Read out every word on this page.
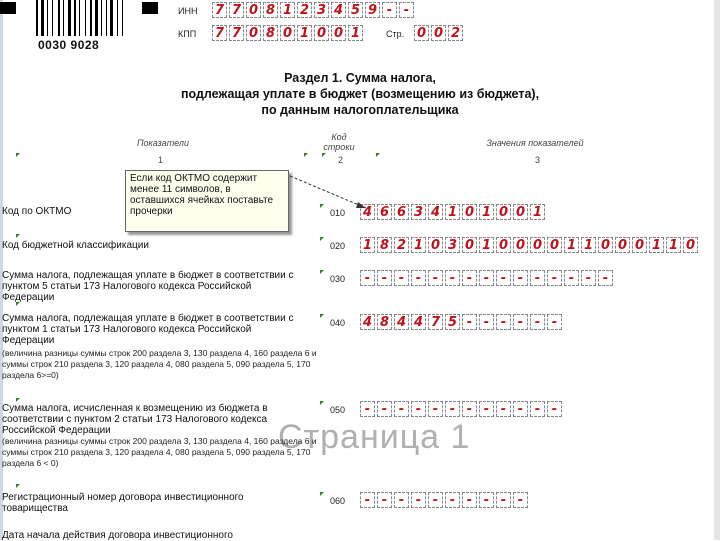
0030 9028
ИНН 7 7 0 8 1 2 3 4 5 9 - -
КПП 7 7 0 8 0 1 0 0 1	Стр. 0 0 2
Раздел 1. Сумма налога,
подлежащая уплате в бюджет (возмещению из бюджета),
по данным налогоплательщика
Показатели
Код
строки	Значения показателей
1	2	3
Код по ОКТМО	010 4 6 6 3 4 1 0 1 0 0 1
Код бюджетной классификации	020 1 8 2 1 0 3 0 1 0 0 0 0 1 1 0 0 0 1 1 0
Сумма налога, подлежащая уплате в бюджет в соответствии с пунктом 5 статьи 173 Налогового кодекса Российской Федерации
030	- - - - - - - - - - - - - - -
Сумма налога, подлежащая уплате в бюджет в соответствии с пунктом 1 статьи 173 Налогового кодекса Российской Федерации
(величина разницы суммы строк 200 раздела 3, 130 раздела 4, 160 раздела 6 и суммы строк 210 раздела 3, 120 раздела 4, 080 раздела 5, 090 раздела 5, 170 раздела 6>=0)
040 4 8 4 4 7 5 - - - - - -
Сумма налога, исчисленная к возмещению из бюджета в соответствии с пунктом 2 статьи 173 Налогового кодекса Российской Федерации
(величина разницы суммы строк 200 раздела 3, 130 раздела 4, 160 раздела 6 и суммы строк 210 раздела 3, 120 раздела 4, 080 раздела 5, 090 раздела 5, 170 раздела 6 < 0)
050	- - - - - - - - - - - -
Регистрационный номер договора инвестиционного товарищества
060	- - - - - - - - - -
Дата начала действия договора инвестиционного
Если код ОКТМО содержит менее 11 символов, в оставшихся ячейках поставьте прочерки
Страница 1
